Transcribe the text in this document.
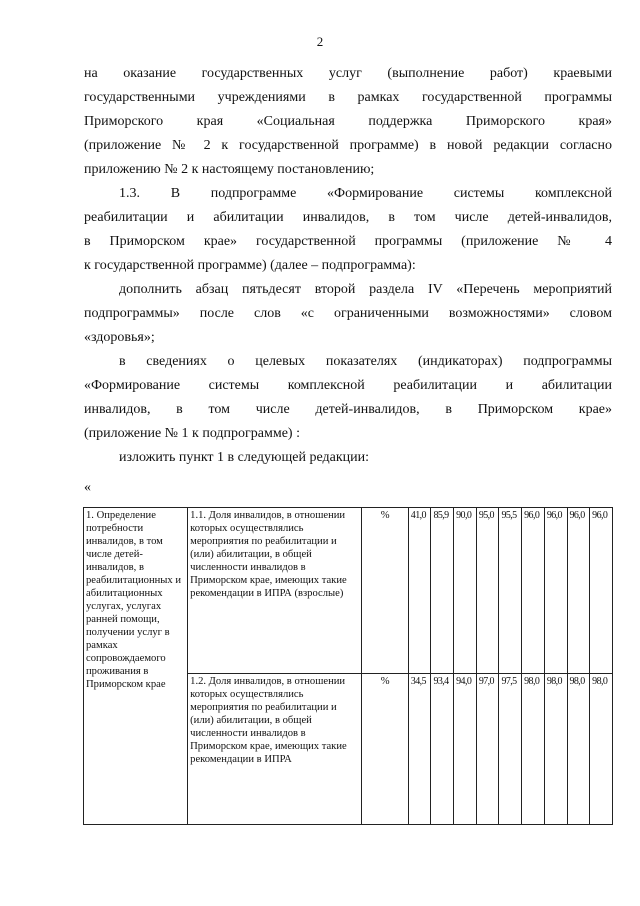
2
на оказание государственных услуг (выполнение работ) краевыми
государственными учреждениями в рамках государственной программы
Приморского края «Социальная поддержка Приморского края»
(приложение № 2 к государственной программе) в новой редакции согласно
приложению № 2 к настоящему постановлению;
1.3. В подпрограмме «Формирование системы комплексной
реабилитации и абилитации инвалидов, в том числе детей-инвалидов,
в Приморском крае» государственной программы (приложение № 4
к государственной программе) (далее – подпрограмма):
дополнить абзац пятьдесят второй раздела IV «Перечень мероприятий
подпрограммы» после слов «с ограниченными возможностями» словом
«здоровья»;
в сведениях о целевых показателях (индикаторах) подпрограммы
«Формирование системы комплексной реабилитации и абилитации
инвалидов, в том числе детей-инвалидов, в Приморском крае»
(приложение № 1 к подпрограмме) :
изложить пункт 1 в следующей редакции:
«
1. Определение потребности инвалидов, в том числе детей-инвалидов, в реабилитационных и абилитационных услугах, услугах ранней помощи, получении услуг в рамках сопровождаемого проживания в Приморском крае	1.1. Доля инвалидов, в отношении которых осуществлялись мероприятия по реабилитации и (или) абилитации, в общей численности инвалидов в Приморском крае, имеющих такие рекомендации в ИПРА (взрослые)	%	41,0	85,9	90,0	95,0	95,5	96,0	96,0	96,0	96,0
	1.2. Доля инвалидов, в отношении которых осуществлялись мероприятия по реабилитации и (или) абилитации, в общей численности инвалидов в Приморском крае, имеющих такие рекомендации в ИПРА	%	34,5	93,4	94,0	97,0	97,5	98,0	98,0	98,0	98,0
